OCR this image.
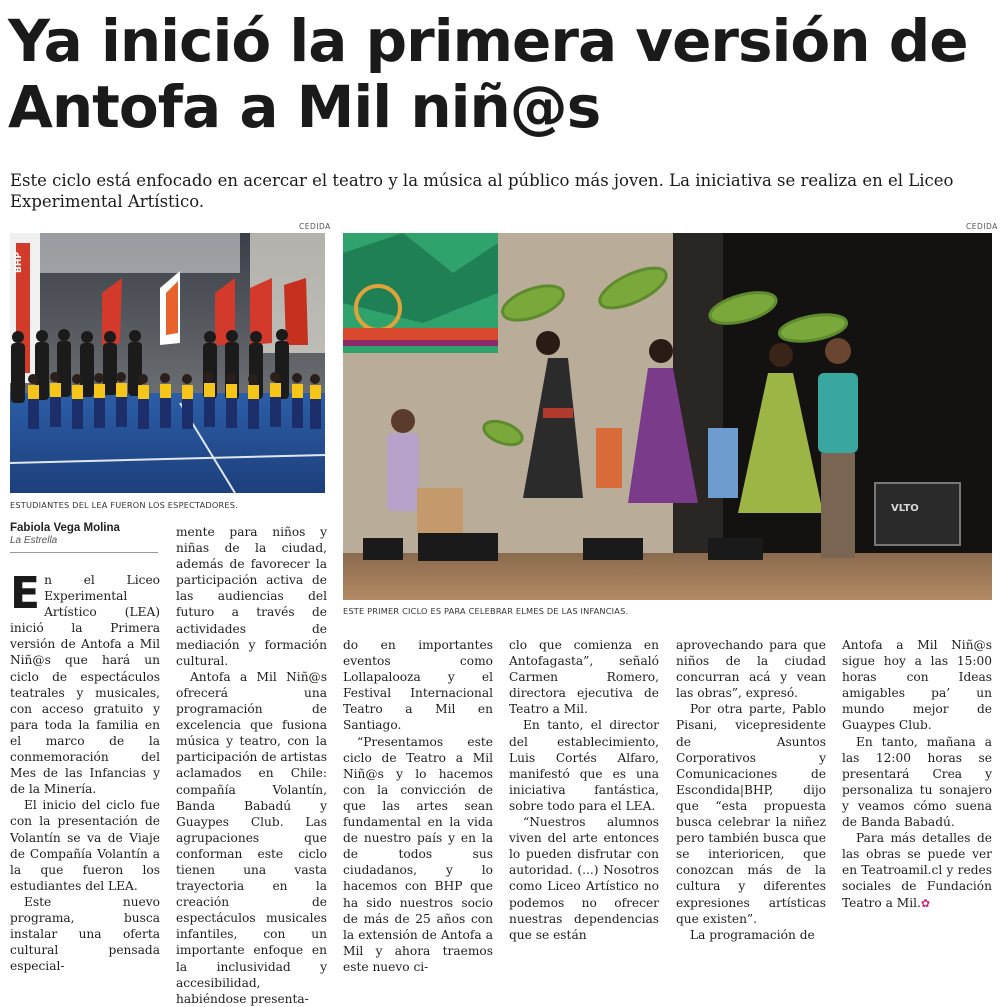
Ya inició la primera versión de
Antofa a Mil niñ@s

Este ciclo está enfocado en acercar el teatro y la música al público más joven. La iniciativa se realiza en el Liceo Experimental Artístico.

CEDIDA
BHP
ESTUDIANTES DEL LEA FUERON LOS ESPECTADORES.
CEDIDA
VLTO
ESTE PRIMER CICLO ES PARA CELEBRAR ELMES DE LAS INFANCIAS.
Fabiola Vega Molina
La Estrella

En el Liceo Experimental Artístico (LEA) inició la Primera versión de Antofa a Mil Niñ@s que hará un ciclo de espectáculos teatrales y musicales, con acceso gratuito y para toda la familia en el marco de la conmemoración del Mes de las Infancias y de la Minería.

El inicio del ciclo fue con la presentación de Volantín se va de Viaje de Compañía Volantín a la que fueron los estudiantes del LEA.

Este nuevo programa, busca instalar una oferta cultural pensada especial-

mente para niños y niñas de la ciudad, además de favorecer la participación activa de las audiencias del futuro a través de actividades de mediación y formación cultural.

Antofa a Mil Niñ@s ofrecerá una programación de excelencia que fusiona música y teatro, con la participación de artistas aclamados en Chile: compañía Volantín, Banda Babadú y Guaypes Club. Las agrupaciones que conforman este ciclo tienen una vasta trayectoria en la creación de espectáculos musicales infantiles, con un importante enfoque en la inclusividad y accesibilidad, habiéndose presenta-

do en importantes eventos como Lollapalooza y el Festival Internacional Teatro a Mil en Santiago.

“Presentamos este ciclo de Teatro a Mil Niñ@s y lo hacemos con la convicción de que las artes sean fundamental en la vida de nuestro país y en la de todos sus ciudadanos, y lo hacemos con BHP que ha sido nuestros socio de más de 25 años con la extensión de Antofa a Mil y ahora traemos este nuevo ci-

clo que comienza en Antofagasta”, señaló Carmen Romero, directora ejecutiva de Teatro a Mil.

En tanto, el director del establecimiento, Luis Cortés Alfaro, manifestó que es una iniciativa fantástica, sobre todo para el LEA.

“Nuestros alumnos viven del arte entonces lo pueden disfrutar con autoridad. (...) Nosotros como Liceo Artístico no podemos no ofrecer nuestras dependencias que se están

aprovechando para que niños de la ciudad concurran acá y vean las obras”, expresó.

Por otra parte, Pablo Pisani, vicepresidente de Asuntos Corporativos y Comunicaciones de Escondida|BHP, dijo que “esta propuesta busca celebrar la niñez pero también busca que se interioricen, que conozcan más de la cultura y diferentes expresiones artísticas que existen”.

La programación de

Antofa a Mil Niñ@s sigue hoy a las 15:00 horas con Ideas amigables pa’ un mundo mejor de Guaypes Club.

En tanto, mañana a las 12:00 horas se presentará Crea y personaliza tu sonajero y veamos cómo suena de Banda Babadú.

Para más detalles de las obras se puede ver en Teatroamil.cl y redes sociales de Fundación Teatro a Mil.✿
